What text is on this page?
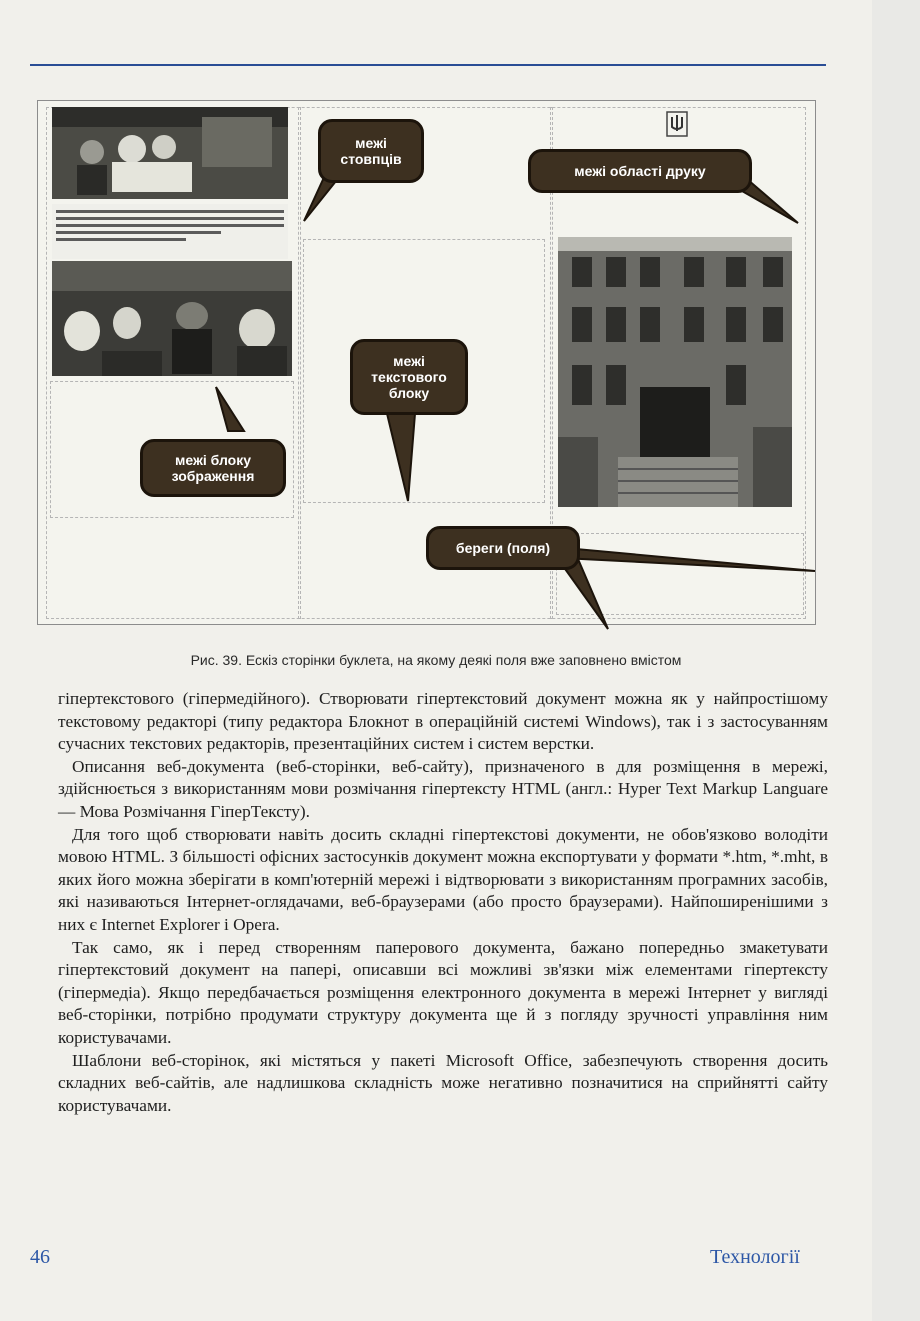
межі стовпців
межі області друку
межі текстового блоку
межі блоку зображення
береги (поля)
Рис. 39. Ескіз сторінки буклета, на якому деякі поля вже заповнено вмістом

гіпертекстового (гіпермедійного). Створювати гіпертекстовий документ можна як у найпростішому текстовому редакторі (типу редактора Блокнот в операційній системі Windows), так і з застосуванням сучасних текстових редакторів, презентаційних систем і систем верстки.

Описання веб-документа (веб-сторінки, веб-сайту), призначеного в для розміщення в мережі, здійснюється з використанням мови розмічання гіпертексту HTML (англ.: Hyper Text Markup Languare — Мова Розмічання ГіперТексту).

Для того щоб створювати навіть досить складні гіпертекстові документи, не обов'язково володіти мовою HTML. З більшості офісних застосунків документ можна експортувати у формати *.htm, *.mht, в яких його можна зберігати в комп'ютерній мережі і відтворювати з використанням програмних засобів, які називаються Інтернет-оглядачами, веб-браузерами (або просто браузерами). Найпоширенішими з них є Internet Explorer і Opera.

Так само, як і перед створенням паперового документа, бажано попередньо змакетувати гіпертекстовий документ на папері, описавши всі можливі зв'язки між елементами гіпертексту (гіпермедіа). Якщо передбачається розміщення електронного документа в мережі Інтернет у вигляді веб-сторінки, потрібно продумати структуру документа ще й з погляду зручності управління ним користувачами.

Шаблони веб-сторінок, які містяться у пакеті Microsoft Office, забезпечують створення досить складних веб-сайтів, але надлишкова складність може негативно позначитися на сприйнятті сайту користувачами.

46	Технології
